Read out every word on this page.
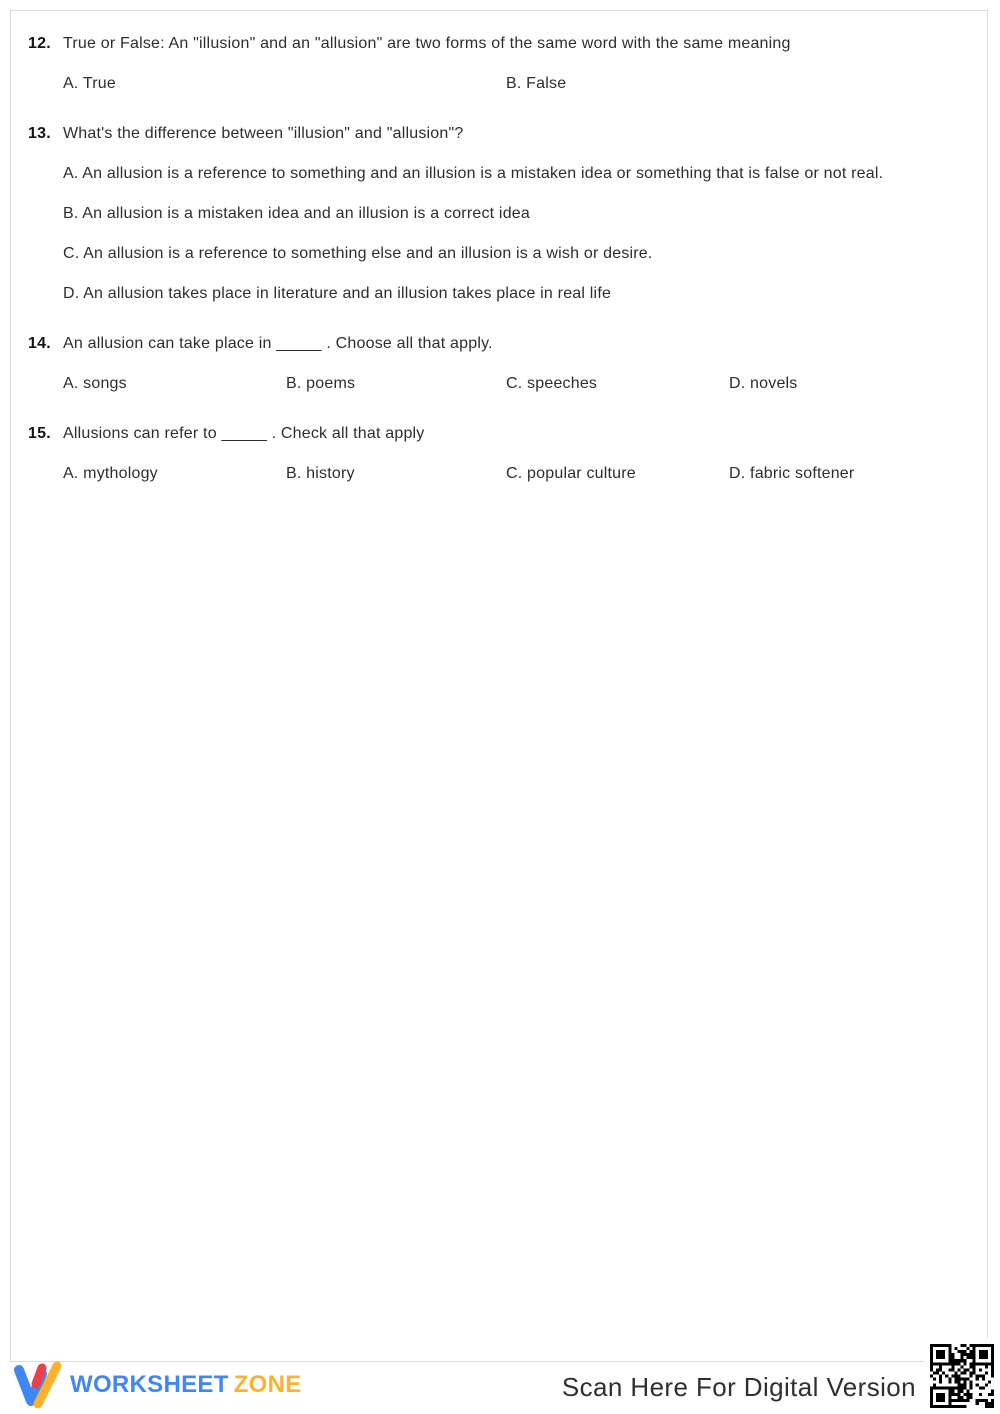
12. True or False: An "illusion" and an "allusion" are two forms of the same word with the same meaning

A. True	B. False
13. What's the difference between "illusion" and "allusion"?

A. An allusion is a reference to something and an illusion is a mistaken idea or something that is false or not real.
B. An allusion is a mistaken idea and an illusion is a correct idea
C. An allusion is a reference to something else and an illusion is a wish or desire.
D. An allusion takes place in literature and an illusion takes place in real life
14. An allusion can take place in _____ . Choose all that apply.

A. songs	B. poems	C. speeches	D. novels
15. Allusions can refer to _____ . Check all that apply

A. mythology	B. history	C. popular culture	D. fabric softener
WORKSHEET ZONE	Scan Here For Digital Version
